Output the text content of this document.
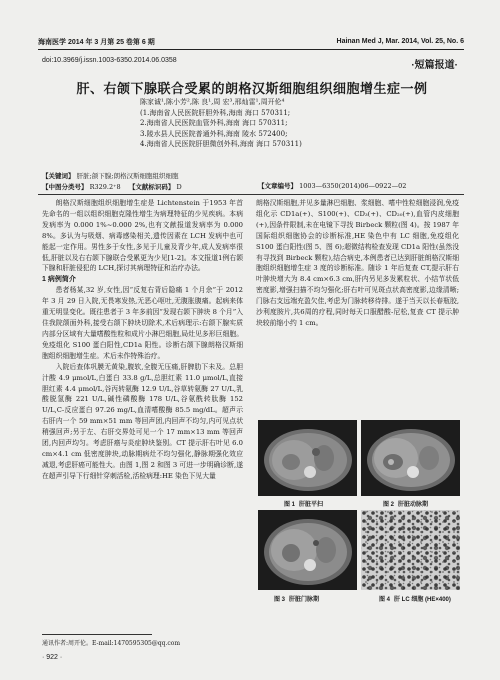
海南医学 2014 年 3 月第 25 卷第 6 期	Hainan Med J, Mar. 2014, Vol. 25, No. 6
doi:10.3969/j.issn.1003-6350.2014.06.0358	·短篇报道·
肝、右颌下腺联合受累的朗格汉斯细胞组织细胞增生症一例
陈家诚¹,陈小芳²,陈 良¹,周 宏³,邢灿雷¹,周开伦⁴
(1.海南省人民医院肝胆外科,海南 海口 570311;
2.海南省人民医院血管外科,海南 海口 570311;
3.陵水县人民医院普通外科,海南 陵水 572400;
4.海南省人民医院肝胆微创外科,海南 海口 570311)
【关键词】 肝脏;颌下腺;朗格汉斯细胞组织细胞
【中图分类号】 R329.2⁺8 【文献标识码】 D	【文章编号】 1003—6350(2014)06—0922—02

朗格汉斯细胞组织细胞增生症是 Lichtenstein 于1953 年首先命名的一组以组织细胞克隆性增生为病理特征的少见疾病。本病发病率为 0.000 1%~0.000 2%,也有文献报道发病率为 0.000 8%。多认为与吸烟、病毒感染相关,遗传因素在 LCH 发病中也可能起一定作用。男性多于女性,多见于儿童及青少年,成人发病率很低,肝脏以及右右颌下腺联合受累更为少见[1-2]。本文报道1例右颌下腺和肝脏侵犯的 LCH,探讨其病理特征和治疗办法。

1 病例简介

患者杨某,32 岁,女性,因“反复右背后隐痛 1 个月余”于 2012 年 3 月 29 日入院,无畏寒发热,无恶心呕吐,无腹胀腹痛。起病来体重无明显变化。既往患者于 3 年多前因“发现右颌下肿块 8 个月”入住我院颌面外科,接受右颌下肿块切除术,术后病理示:右颌下腺实质内部分区域有大量嗜酸性粒和成片小淋巴细胞,局灶见多形巨细胞。免疫组化 S100 蛋白阳性,CD1a 阳性。诊断右颌下腺朗格汉斯细胞组织细胞增生症。术后未作特殊治疗。

入院后查体巩膜无黄染,腹软,全腹无压痛,肝脾肋下未及。总胆汁酸 4.9 μmol/L,白蛋白 33.8 g/L,总胆红素 11.0 μmol/L,直接胆红素 4.4 μmol/L,谷丙转氨酶 12.9 U/L,谷草转氨酶 27 U/L,乳酸脱氢酶 221 U/L,碱性磷酸酶 178 U/L,谷氨酰转肽酶 152 U/L,C-反应蛋白 97.26 mg/L,血清嗜酸酶 85.5 mg/dL。超声示右肝内一个 59 mm×51 mm 等回声团,内回声不均匀,内可见点状稍强回声;另于左、右肝交界处可见一个 17 mm×13 mm 等回声团,内回声均匀。考虑肝癌与炎症肿块鉴别。CT 提示肝右叶见 6.0 cm×4.1 cm 低密度肿块,动脉期病灶不均匀强化,静脉期强化效应减退,考虑肝癌可能性大。由图 1,图 2 和图 3 可进一步明确诊断,遂在超声引导下行细针穿刺活检,活检病理:HE 染色下见大量

朗格汉斯细胞,并见多量淋巴细胞、浆细胞、嗜中性粒细胞浸润,免疫组化示 CD1a(+)、S100(+)、CD₃(+)、CD₂₀(+),血管内皮细胞(+),因条件限制,未在电镜下寻找 Birbeck 颗粒(图 4)。按 1987 年国际组织细胞协会的诊断标准,HE 染色中有 LC 细胞,免疫组化 S100 蛋白阳性(图 5、图 6);超微结构检查发现 CD1a 阳性(虽然没有寻找到 Birbeck 颗粒),结合病史,本例患者已达到肝脏朗格汉斯细胞组织细胞增生症 3 度的诊断标准。随诊 1 年后复查 CT,提示肝右叶肿块增大为 8.4 cm×6.3 cm,肝内另见多发累粒状、小结节状低密度影,增强扫描不均匀强化;肝右叶可见斑点状高密度影,边缘清晰;门脉右支远端充盈欠佳,考虑为门脉转移待排。遂于当天以长春瓶胶,沙利度胺片,共6周的疗程,同时每天口服醋酸-尼松,复查 CT 提示肿块较前缩小约 1 cm。

图 1 肝脏平扫	图 2 肝脏动脉期
图 3 肝脏门脉期	图 4 肝 LC 细胞 (HE×400)
通讯作者:周开伦。E-mail:1470595305@qq.com
· 922 ·
